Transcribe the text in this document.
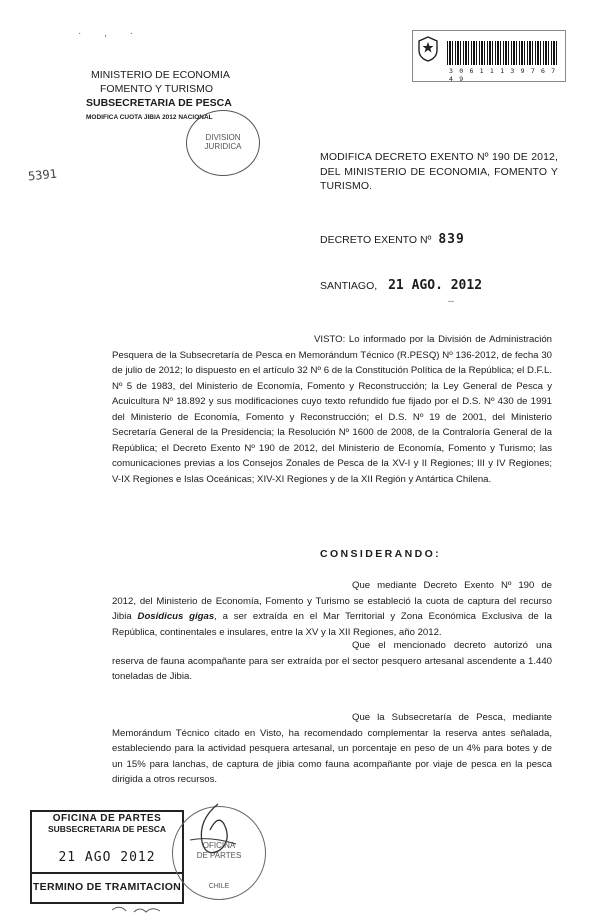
· , ·
MINISTERIO DE ECONOMIA
FOMENTO Y TURISMO
SUBSECRETARIA DE PESCA
MODIFICA CUOTA JIBIA 2012 NACIONAL
DIVISION
JURIDICA
5391
3 0 6 1 1 1 3 9 7 6 7 4 9
MODIFICA DECRETO EXENTO Nº 190 DE 2012, DEL MINISTERIO DE ECONOMIA, FOMENTO Y TURISMO.
DECRETO EXENTO Nº 839
SANTIAGO, 21 AGO. 2012
--
VISTO: Lo informado por la División de Administración Pesquera de la Subsecretaría de Pesca en Memorándum Técnico (R.PESQ) Nº 136-2012, de fecha 30 de julio de 2012; lo dispuesto en el artículo 32 Nº 6 de la Constitución Política de la República; el D.F.L. Nº 5 de 1983, del Ministerio de Economía, Fomento y Reconstrucción; la Ley General de Pesca y Acuicultura Nº 18.892 y sus modificaciones cuyo texto refundido fue fijado por el D.S. Nº 430 de 1991 del Ministerio de Economía, Fomento y Reconstrucción; el D.S. Nº 19 de 2001, del Ministerio Secretaría General de la Presidencia; la Resolución Nº 1600 de 2008, de la Contraloría General de la República; el Decreto Exento Nº 190 de 2012, del Ministerio de Economía, Fomento y Turismo; las comunicaciones previas a los Consejos Zonales de Pesca de la XV-I y II Regiones; III y IV Regiones; V-IX Regiones e Islas Oceánicas; XIV-XI Regiones y de la XII Región y Antártica Chilena.
CONSIDERANDO:
Que mediante Decreto Exento Nº 190 de 2012, del Ministerio de Economía, Fomento y Turismo se estableció la cuota de captura del recurso Jibia Dosidicus gigas, a ser extraída en el Mar Territorial y Zona Económica Exclusiva de la República, continentales e insulares, entre la XV y la XII Regiones, año 2012.
Que el mencionado decreto autorizó una reserva de fauna acompañante para ser extraída por el sector pesquero artesanal ascendente a 1.440 toneladas de Jibia.
Que la Subsecretaría de Pesca, mediante Memorándum Técnico citado en Visto, ha recomendado complementar la reserva antes señalada, estableciendo para la actividad pesquera artesanal, un porcentaje en peso de un 4% para botes y de un 15% para lanchas, de captura de jibia como fauna acompañante por viaje de pesca en la pesca dirigida a otros recursos.
OFICINA DE PARTES
SUBSECRETARIA DE PESCA
21 AGO 2012
TERMINO DE TRAMITACION
OFICINA
DE PARTES
CHILE
